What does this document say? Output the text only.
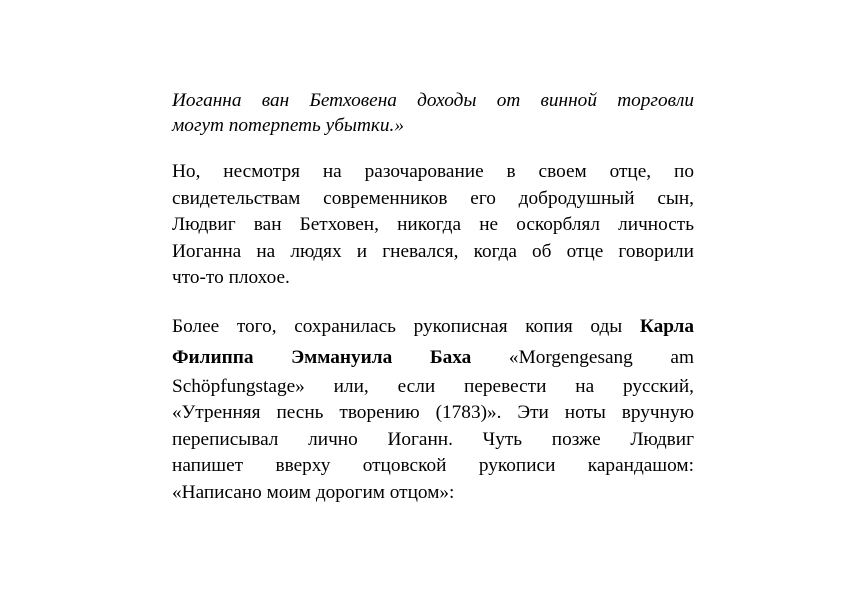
Иоганна ван Бетховена доходы от винной торговли
могут потерпеть убытки.»
Но, несмотря на разочарование в своем отце, по
свидетельствам современников его добродушный сын,
Людвиг ван Бетховен, никогда не оскорблял личность
Иоганна на людях и гневался, когда об отце говорили
что-то плохое.
Более того, сохранилась рукописная копия оды Карла
Филиппа Эммануила Баха «Morgengesang am
Schöpfungstage» или, если перевести на русский,
«Утренняя песнь творению (1783)». Эти ноты вручную
переписывал лично Иоганн. Чуть позже Людвиг
напишет вверху отцовской рукописи карандашом:
«Написано моим дорогим отцом»:
